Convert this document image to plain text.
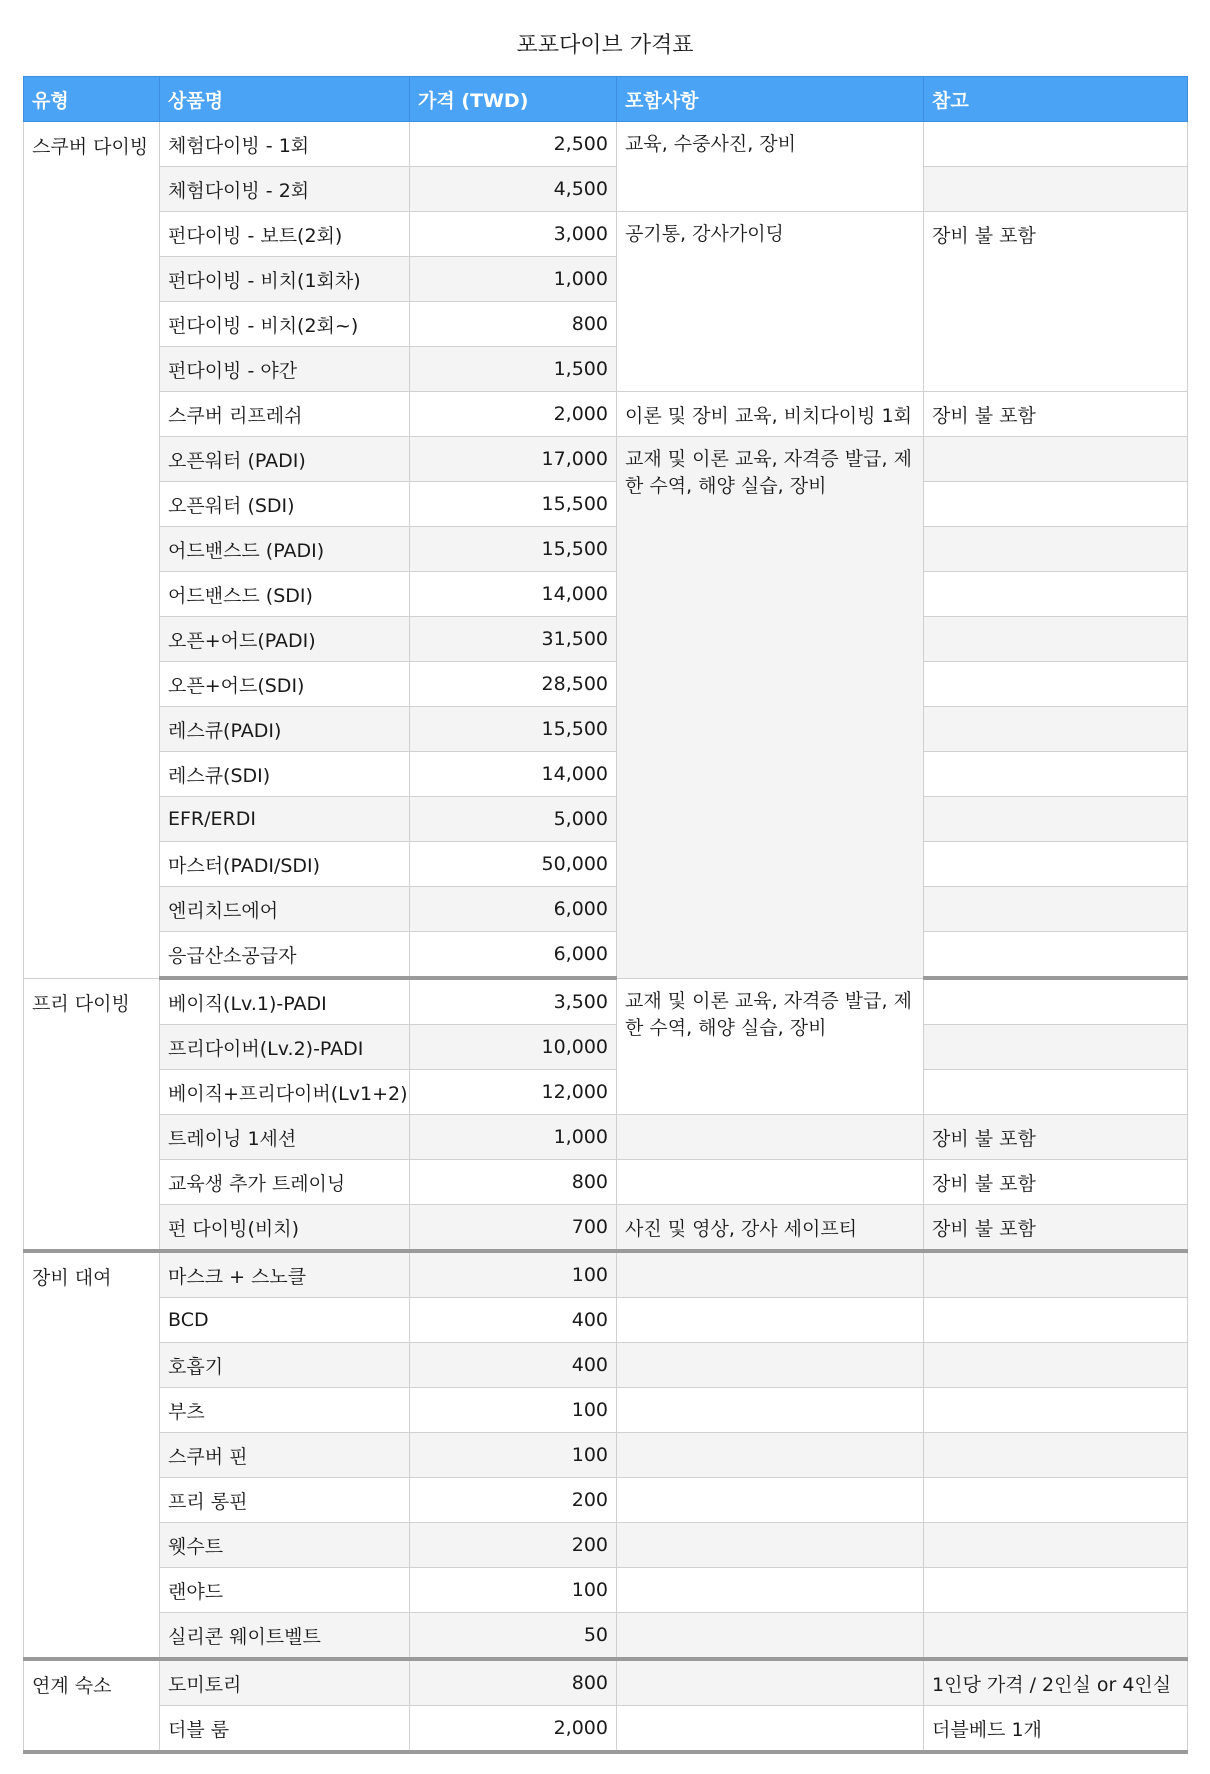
포포다이브 가격표
유형	상품명	가격 (TWD)	포함사항	참고
스쿠버 다이빙	체험다이빙 - 1회	2,500	교육, 수중사진, 장비	
	체험다이빙 - 2회	4,500		
	펀다이빙 - 보트(2회)	3,000	공기통, 강사가이딩	장비 불 포함
	펀다이빙 - 비치(1회차)	1,000		
	펀다이빙 - 비치(2회~)	800		
	펀다이빙 - 야간	1,500		
	스쿠버 리프레쉬	2,000	이론 및 장비 교육, 비치다이빙 1회	장비 불 포함
	오픈워터 (PADI)	17,000	교재 및 이론 교육, 자격증 발급, 제한 수역, 해양 실습, 장비	
	오픈워터 (SDI)	15,500		
	어드밴스드 (PADI)	15,500		
	어드밴스드 (SDI)	14,000		
	오픈+어드(PADI)	31,500		
	오픈+어드(SDI)	28,500		
	레스큐(PADI)	15,500		
	레스큐(SDI)	14,000		
	EFR/ERDI	5,000		
	마스터(PADI/SDI)	50,000		
	엔리치드에어	6,000		
	응급산소공급자	6,000		
프리 다이빙	베이직(Lv.1)-PADI	3,500	교재 및 이론 교육, 자격증 발급, 제한 수역, 해양 실습, 장비	
	프리다이버(Lv.2)-PADI	10,000		
	베이직+프리다이버(Lv1+2)	12,000		
	트레이닝 1세션	1,000		장비 불 포함
	교육생 추가 트레이닝	800		장비 불 포함
	펀 다이빙(비치)	700	사진 및 영상, 강사 세이프티	장비 불 포함
장비 대여	마스크 + 스노클	100		
	BCD	400		
	호흡기	400		
	부츠	100		
	스쿠버 핀	100		
	프리 롱핀	200		
	웻수트	200		
	랜야드	100		
	실리콘 웨이트벨트	50		
연계 숙소	도미토리	800		1인당 가격 / 2인실 or 4인실
	더블 룸	2,000		더블베드 1개
